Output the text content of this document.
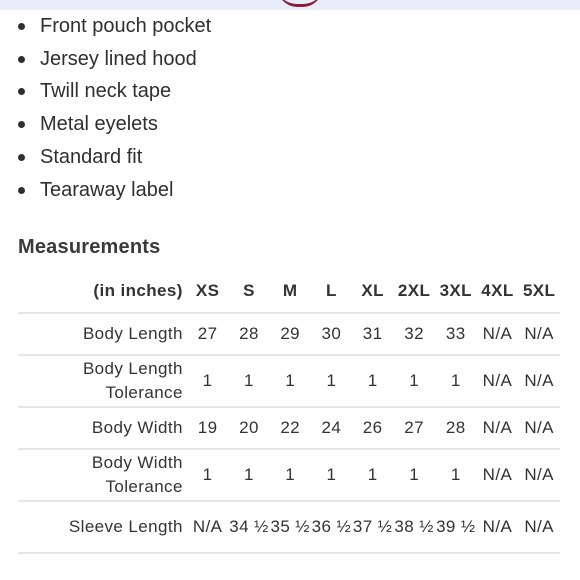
Front pouch pocket
Jersey lined hood
Twill neck tape
Metal eyelets
Standard fit
Tearaway label
Measurements
(in inches)	XS	S	M	L	XL	2XL	3XL	4XL	5XL
Body Length	27	28	29	30	31	32	33	N/A	N/A
Body Length Tolerance	1	1	1	1	1	1	1	N/A	N/A
Body Width	19	20	22	24	26	27	28	N/A	N/A
Body Width Tolerance	1	1	1	1	1	1	1	N/A	N/A
Sleeve Length	N/A	34 ½	35 ½	36 ½	37 ½	38 ½	39 ½	N/A	N/A
